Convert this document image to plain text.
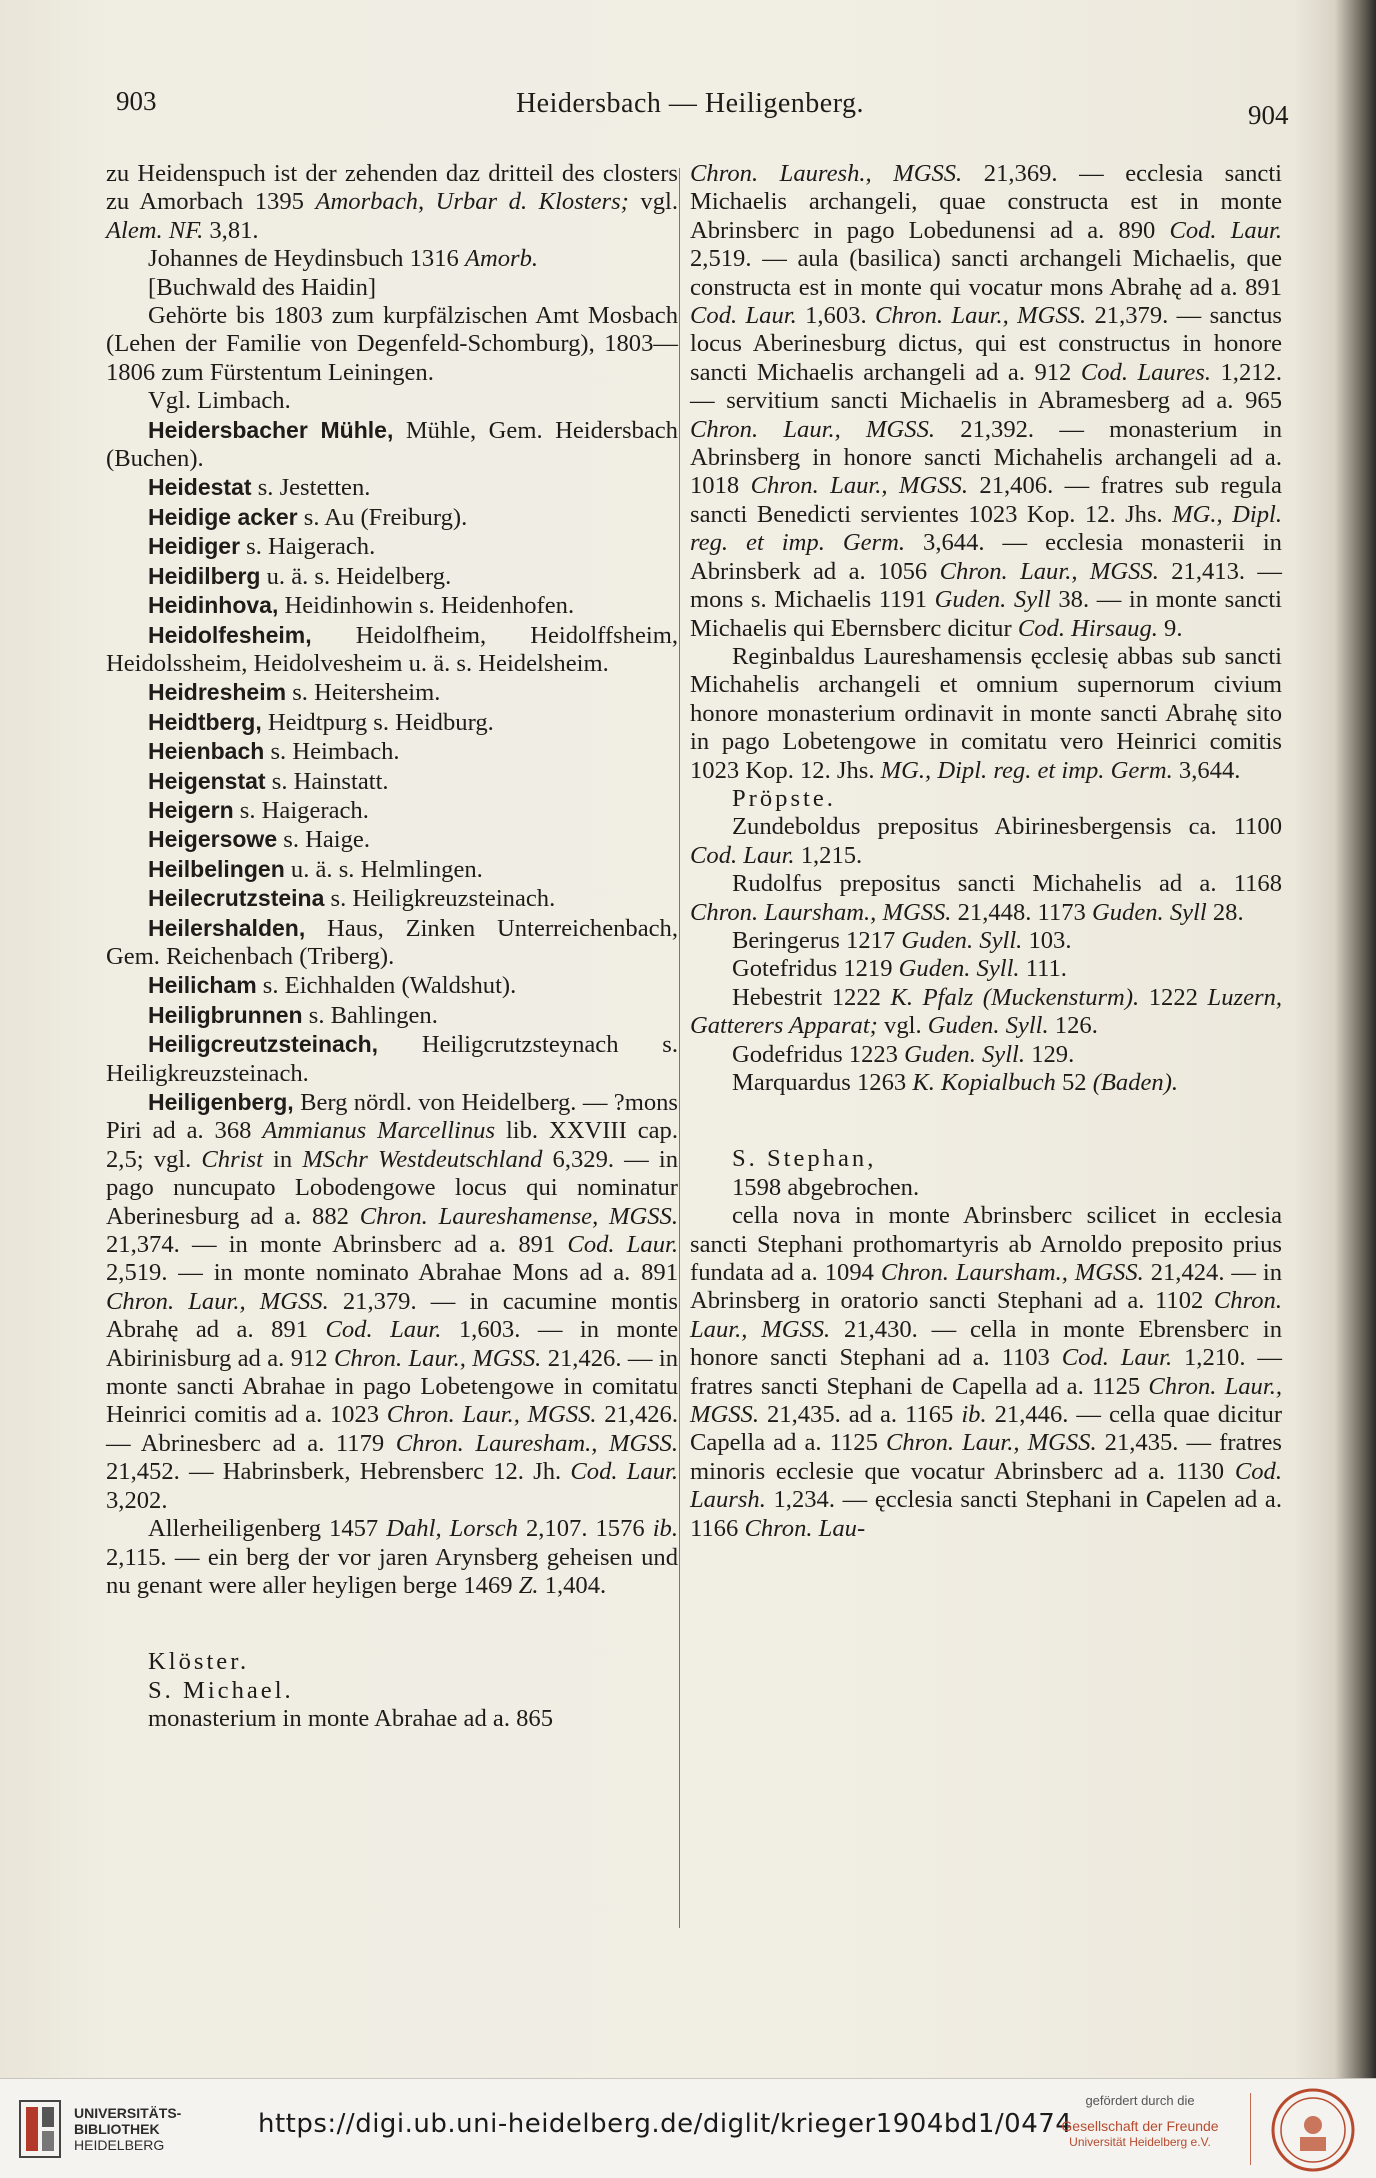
903	Heidersbach — Heiligenberg.	904
zu Heidenspuch ist der zehenden daz dritteil des closters zu Amorbach 1395 Amorbach, Urbar d. Klosters; vgl. Alem. NF. 3,81.
Johannes de Heydinsbuch 1316 Amorb.
[Buchwald des Haidin]
Gehörte bis 1803 zum kurpfälzischen Amt Mosbach (Lehen der Familie von Degenfeld-Schomburg), 1803—1806 zum Fürstentum Leiningen.
Vgl. Limbach.
Heidersbacher Mühle, Mühle, Gem. Heidersbach (Buchen).
Heidestat s. Jestetten.
Heidige acker s. Au (Freiburg).
Heidiger s. Haigerach.
Heidilberg u. ä. s. Heidelberg.
Heidinhova, Heidinhowin s. Heidenhofen.
Heidolfesheim, Heidolfheim, Heidolffsheim, Heidolssheim, Heidolvesheim u. ä. s. Heidelsheim.
Heidresheim s. Heitersheim.
Heidtberg, Heidtpurg s. Heidburg.
Heienbach s. Heimbach.
Heigenstat s. Hainstatt.
Heigern s. Haigerach.
Heigersowe s. Haige.
Heilbelingen u. ä. s. Helmlingen.
Heilecrutzsteina s. Heiligkreuzsteinach.
Heilershalden, Haus, Zinken Unterreichenbach, Gem. Reichenbach (Triberg).
Heilicham s. Eichhalden (Waldshut).
Heiligbrunnen s. Bahlingen.
Heiligcreutzsteinach, Heiligcrutzsteynach s. Heiligkreuzsteinach.
Heiligenberg, Berg nördl. von Heidelberg. — ?mons Piri ad a. 368 Ammianus Marcellinus lib. XXVIII cap. 2,5; vgl. Christ in MSchr Westdeutschland 6,329. — in pago nuncupato Lobodengowe locus qui nominatur Aberinesburg ad a. 882 Chron. Laureshamense, MGSS. 21,374. — in monte Abrinsberc ad a. 891 Cod. Laur. 2,519. — in monte nominato Abrahae Mons ad a. 891 Chron. Laur., MGSS. 21,379. — in cacumine montis Abrahę ad a. 891 Cod. Laur. 1,603. — in monte Abirinisburg ad a. 912 Chron. Laur., MGSS. 21,426. — in monte sancti Abrahae in pago Lobetengowe in comitatu Heinrici comitis ad a. 1023 Chron. Laur., MGSS. 21,426. — Abrinesberc ad a. 1179 Chron. Lauresham., MGSS. 21,452. — Habrinsberk, Hebrensberc 12. Jh. Cod. Laur. 3,202.
Allerheiligenberg 1457 Dahl, Lorsch 2,107. 1576 ib. 2,115. — ein berg der vor jaren Arynsberg geheisen und nu genant were aller heyligen berge 1469 Z. 1,404.
Klöster.
S. Michael.
monasterium in monte Abrahae ad a. 865
Chron. Lauresh., MGSS. 21,369. — ecclesia sancti Michaelis archangeli, quae constructa est in monte Abrinsberc in pago Lobedunensi ad a. 890 Cod. Laur. 2,519. — aula (basilica) sancti archangeli Michaelis, que constructa est in monte qui vocatur mons Abrahę ad a. 891 Cod. Laur. 1,603. Chron. Laur., MGSS. 21,379. — sanctus locus Aberinesburg dictus, qui est constructus in honore sancti Michaelis archangeli ad a. 912 Cod. Laures. 1,212. — servitium sancti Michaelis in Abramesberg ad a. 965 Chron. Laur., MGSS. 21,392. — monasterium in Abrinsberg in honore sancti Michahelis archangeli ad a. 1018 Chron. Laur., MGSS. 21,406. — fratres sub regula sancti Benedicti servientes 1023 Kop. 12. Jhs. MG., Dipl. reg. et imp. Germ. 3,644. — ecclesia monasterii in Abrinsberk ad a. 1056 Chron. Laur., MGSS. 21,413. — mons s. Michaelis 1191 Guden. Syll 38. — in monte sancti Michaelis qui Ebernsberc dicitur Cod. Hirsaug. 9.
Reginbaldus Laureshamensis ęcclesię abbas sub sancti Michahelis archangeli et omnium supernorum civium honore monasterium ordinavit in monte sancti Abrahę sito in pago Lobetengowe in comitatu vero Heinrici comitis 1023 Kop. 12. Jhs. MG., Dipl. reg. et imp. Germ. 3,644.
Pröpste.
Zundeboldus prepositus Abirinesbergensis ca. 1100 Cod. Laur. 1,215.
Rudolfus prepositus sancti Michahelis ad a. 1168 Chron. Laursham., MGSS. 21,448. 1173 Guden. Syll 28.
Beringerus 1217 Guden. Syll. 103.
Gotefridus 1219 Guden. Syll. 111.
Hebestrit 1222 K. Pfalz (Muckensturm). 1222 Luzern, Gatterers Apparat; vgl. Guden. Syll. 126.
Godefridus 1223 Guden. Syll. 129.
Marquardus 1263 K. Kopialbuch 52 (Baden).
S. Stephan,
1598 abgebrochen.
cella nova in monte Abrinsberc scilicet in ecclesia sancti Stephani prothomartyris ab Arnoldo preposito prius fundata ad a. 1094 Chron. Laursham., MGSS. 21,424. — in Abrinsberg in oratorio sancti Stephani ad a. 1102 Chron. Laur., MGSS. 21,430. — cella in monte Ebrensberc in honore sancti Stephani ad a. 1103 Cod. Laur. 1,210. — fratres sancti Stephani de Capella ad a. 1125 Chron. Laur., MGSS. 21,435. ad a. 1165 ib. 21,446. — cella quae dicitur Capella ad a. 1125 Chron. Laur., MGSS. 21,435. — fratres minoris ecclesie que vocatur Abrinsberc ad a. 1130 Cod. Laursh. 1,234. — ęcclesia sancti Stephani in Capelen ad a. 1166 Chron. Lau-
UNIVERSITÄTS-
BIBLIOTHEK
HEIDELBERG
https://digi.ub.uni-heidelberg.de/diglit/krieger1904bd1/0474
gefördert durch die
Gesellschaft der Freunde
Universität Heidelberg e.V.
